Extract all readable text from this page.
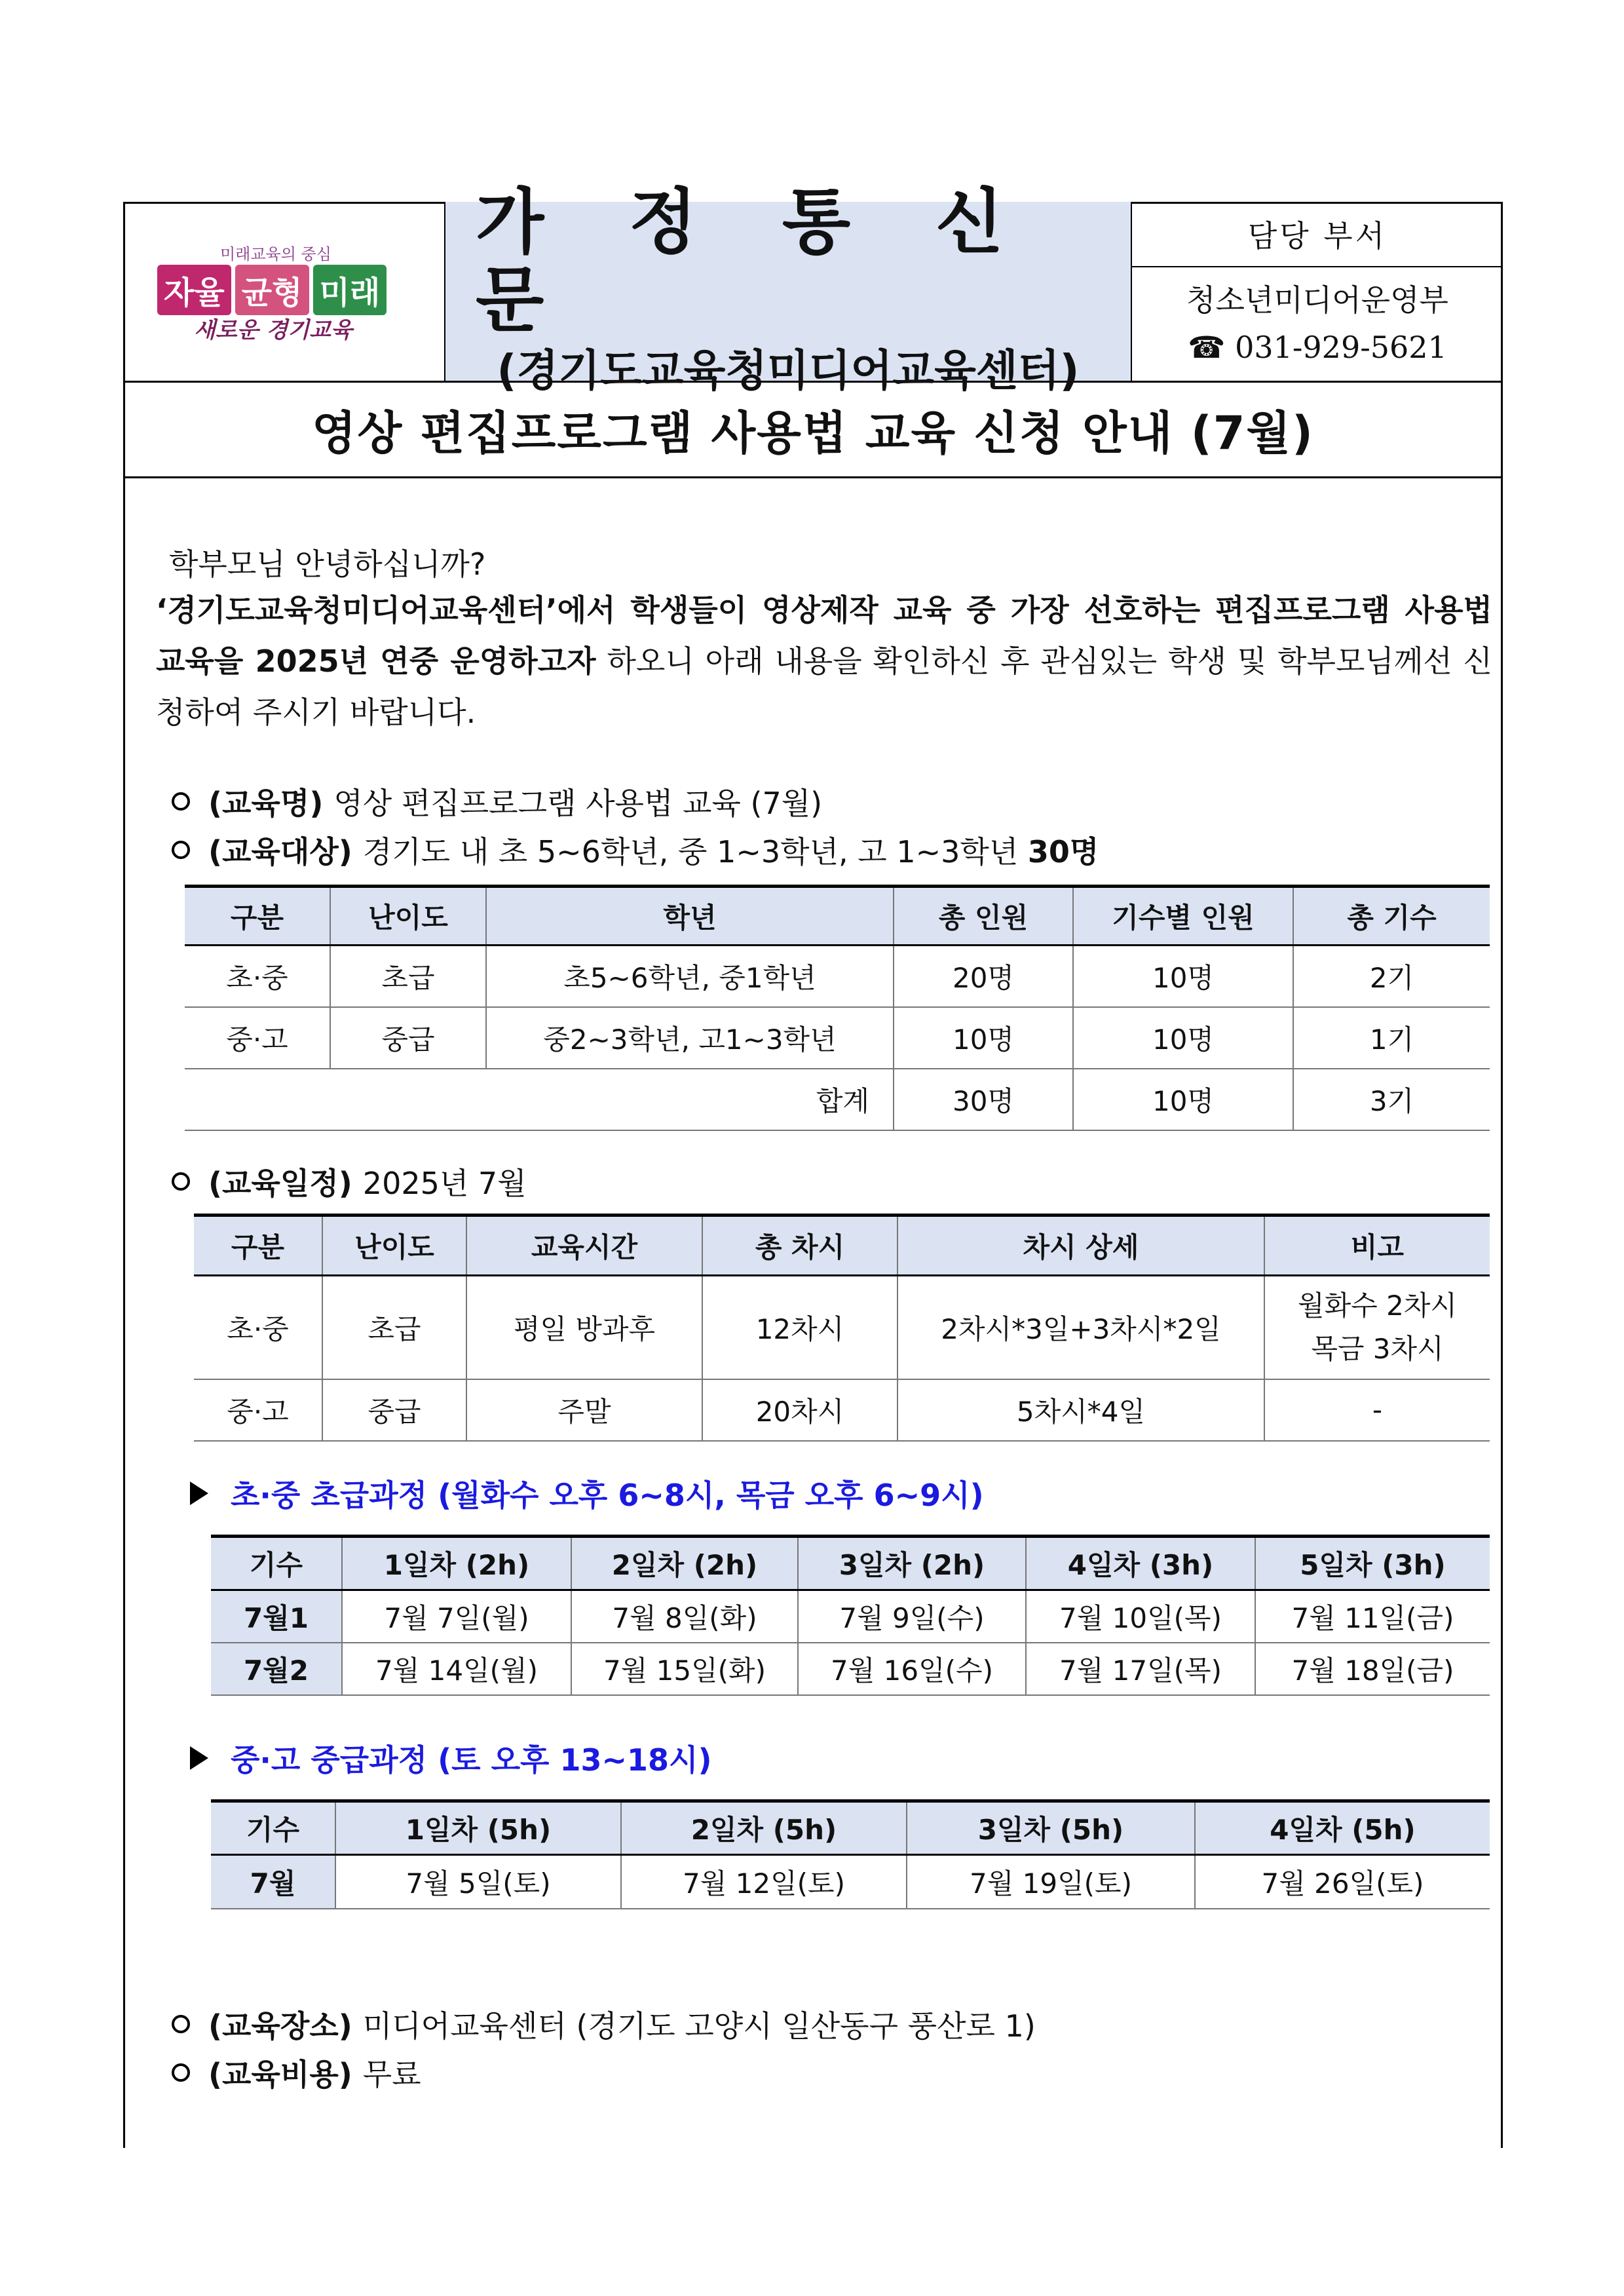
미래교육의 중심
자율 균형 미래
새로운 경기교육
가 정 통 신 문
(경기도교육청미디어교육센터)
담당 부서
청소년미디어운영부
☎ 031-929-5621
영상 편집프로그램 사용법 교육 신청 안내 (7월)
학부모님 안녕하십니까?
‘경기도교육청미디어교육센터’에서 학생들이 영상제작 교육 중 가장 선호하는 편집프로그램 사용법 교육을 2025년 연중 운영하고자 하오니 아래 내용을 확인하신 후 관심있는 학생 및 학부모님께선 신청하여 주시기 바랍니다.
(교육명) 영상 편집프로그램 사용법 교육 (7월)
(교육대상) 경기도 내 초 5~6학년, 중 1~3학년, 고 1~3학년 30명
구분	난이도	학년	총 인원	기수별 인원	총 기수
초·중	초급	초5~6학년, 중1학년	20명	10명	2기
중·고	중급	중2~3학년, 고1~3학년	10명	10명	1기
합계			30명	10명	3기
(교육일정) 2025년 7월
구분	난이도	교육시간	총 차시	차시 상세	비고
초·중	초급	평일 방과후	12차시	2차시*3일+3차시*2일	월화수 2차시
목금 3차시

중·고	중급	주말	20차시	5차시*4일	-
초·중 초급과정 (월화수 오후 6~8시, 목금 오후 6~9시)
기수	1일차 (2h)	2일차 (2h)	3일차 (2h)	4일차 (3h)	5일차 (3h)
7월1	7월 7일(월)	7월 8일(화)	7월 9일(수)	7월 10일(목)	7월 11일(금)
7월2	7월 14일(월)	7월 15일(화)	7월 16일(수)	7월 17일(목)	7월 18일(금)
중·고 중급과정 (토 오후 13~18시)
기수	1일차 (5h)	2일차 (5h)	3일차 (5h)	4일차 (5h)
7월	7월 5일(토)	7월 12일(토)	7월 19일(토)	7월 26일(토)
(교육장소) 미디어교육센터 (경기도 고양시 일산동구 풍산로 1)
(교육비용) 무료
